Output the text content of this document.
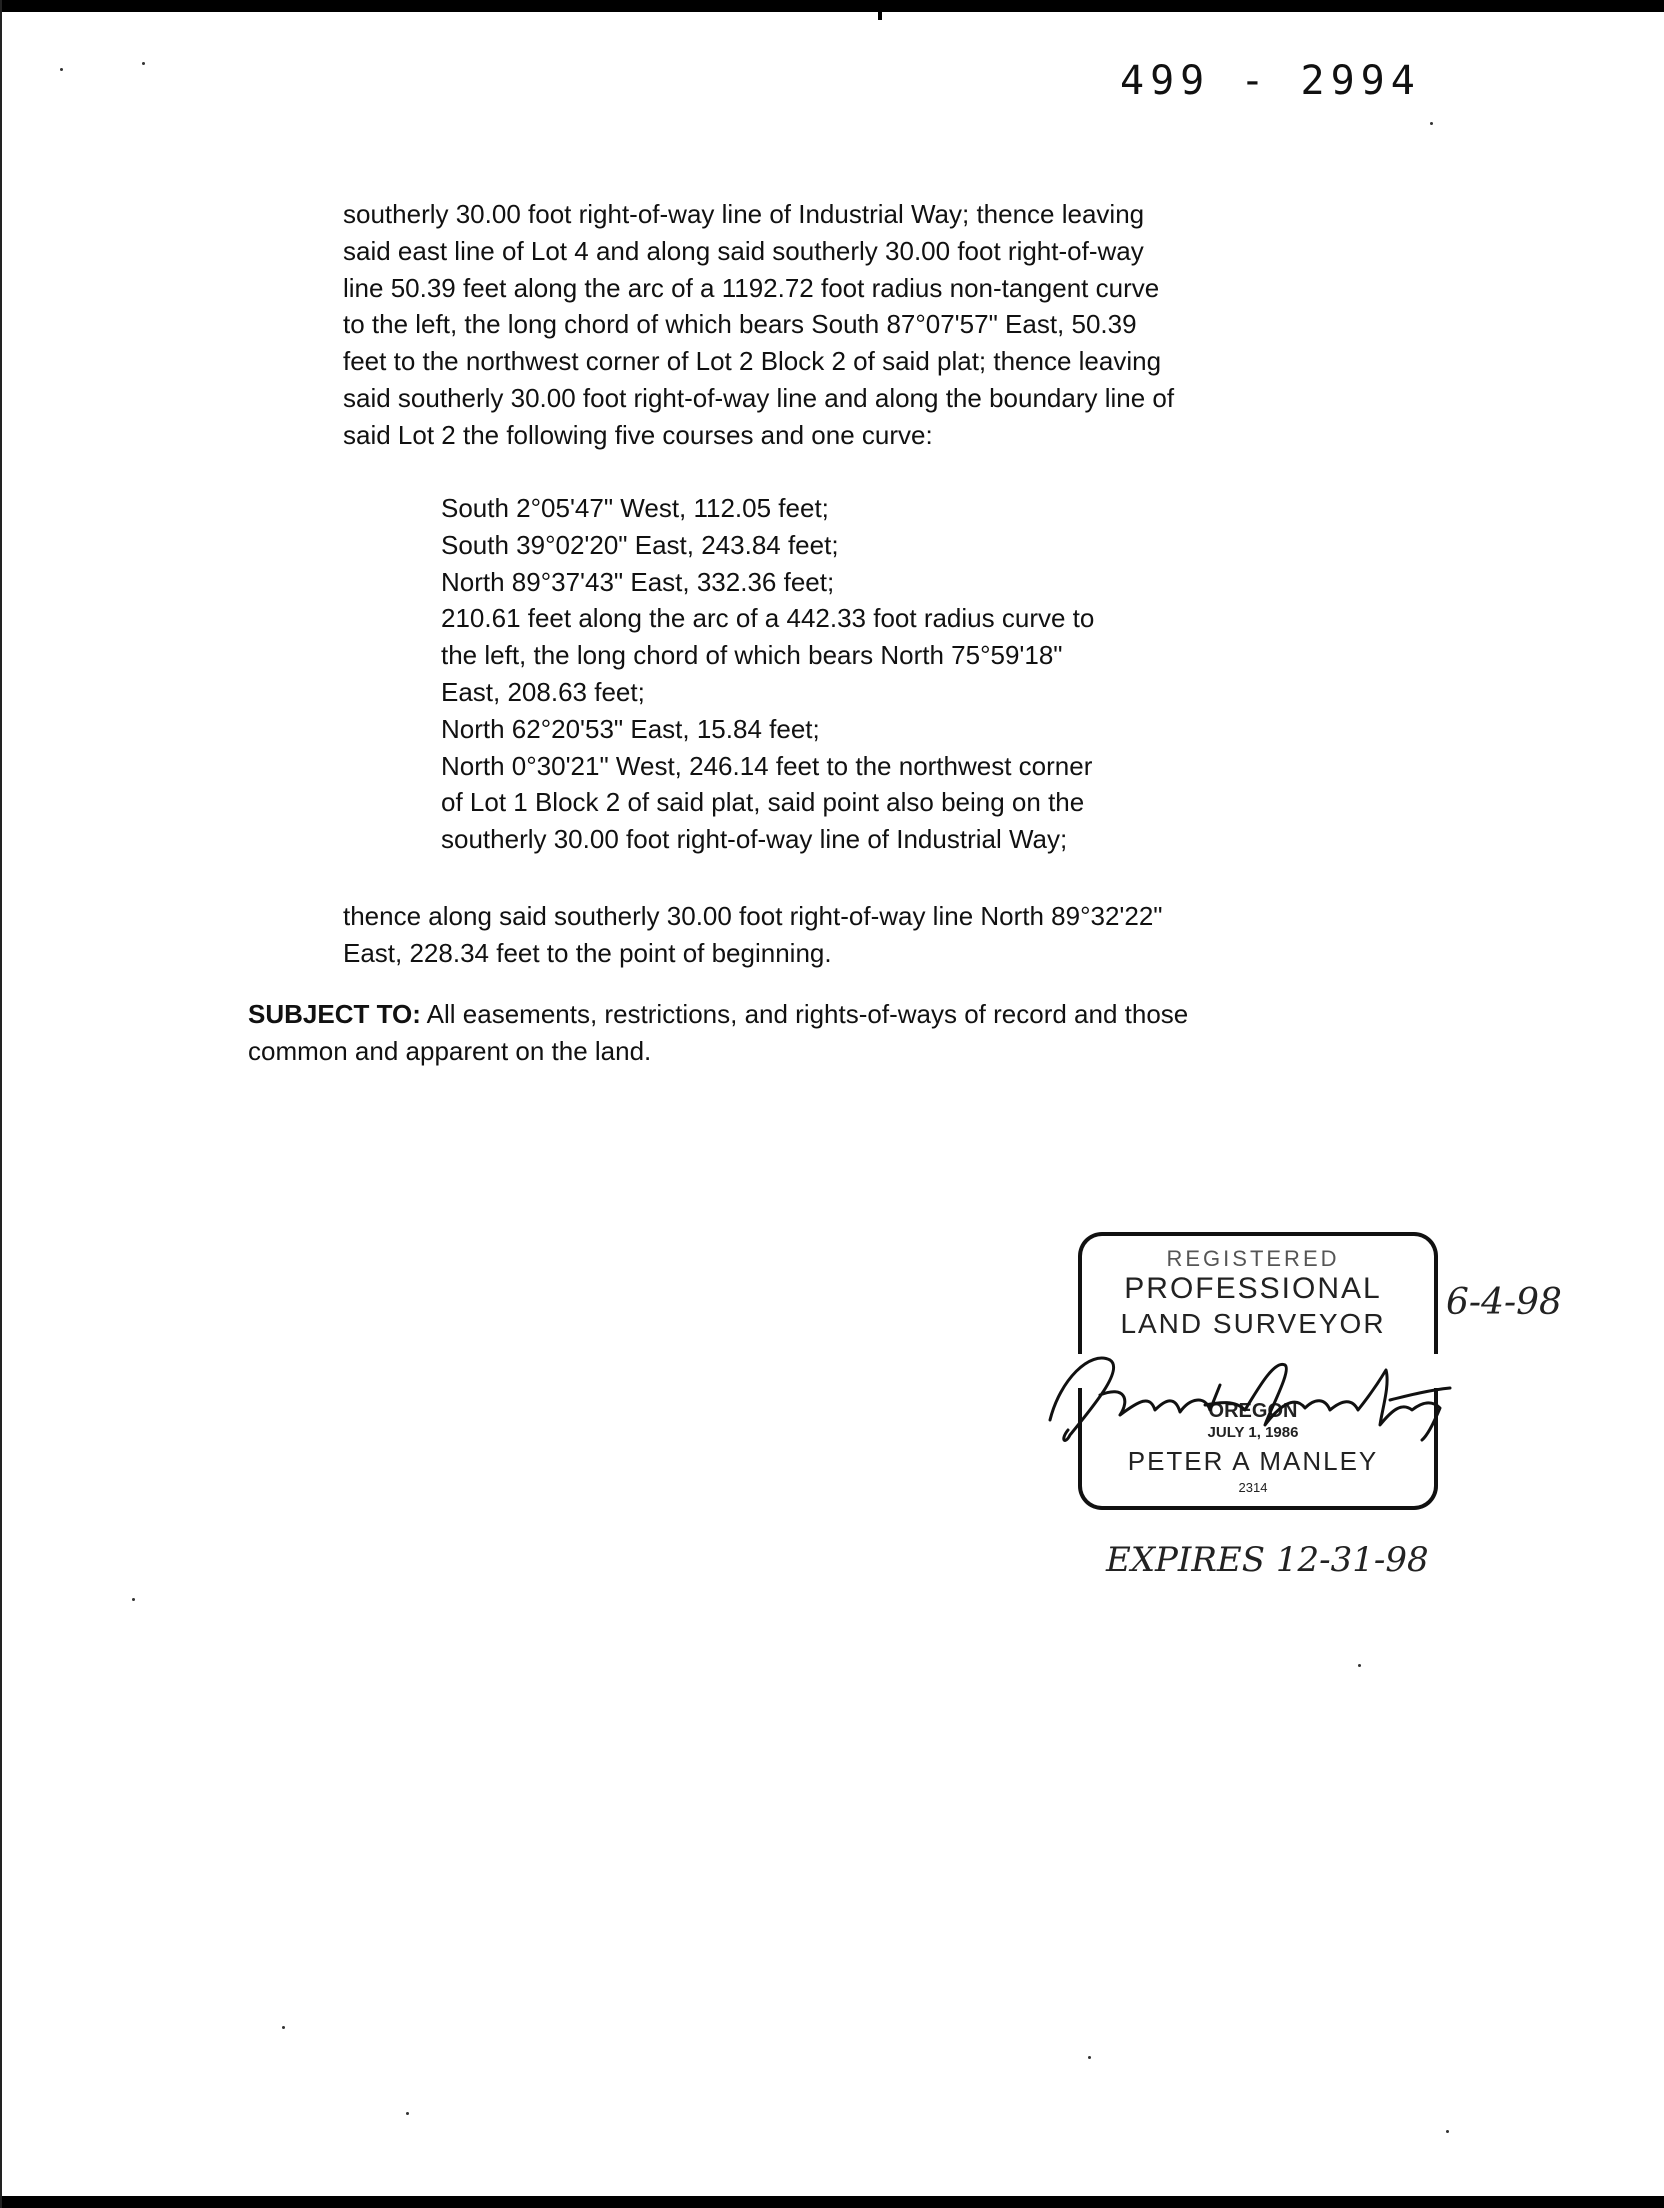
499 - 2994
southerly 30.00 foot right-of-way line of Industrial Way; thence leaving
said east line of Lot 4 and along said southerly 30.00 foot right-of-way
line 50.39 feet along the arc of a 1192.72 foot radius non-tangent curve
to the left, the long chord of which bears South 87°07'57" East, 50.39
feet to the northwest corner of Lot 2 Block 2 of said plat; thence leaving
said southerly 30.00 foot right-of-way line and along the boundary line of
said Lot 2 the following five courses and one curve:
South 2°05'47" West, 112.05 feet;
South 39°02'20" East, 243.84 feet;
North 89°37'43" East, 332.36 feet;
210.61 feet along the arc of a 442.33 foot radius curve to
the left, the long chord of which bears North 75°59'18"
East, 208.63 feet;
North 62°20'53" East, 15.84 feet;
North 0°30'21" West, 246.14 feet to the northwest corner
of Lot 1 Block 2 of said plat, said point also being on the
southerly 30.00 foot right-of-way line of Industrial Way;
thence along said southerly 30.00 foot right-of-way line North 89°32'22"
East, 228.34 feet to the point of beginning.
SUBJECT TO: All easements, restrictions, and rights-of-ways of record and those
common and apparent on the land.
REGISTERED
PROFESSIONAL
LAND SURVEYOR
OREGON
JULY 1, 1986
PETER A MANLEY
2314
6-4-98
EXPIRES 12-31-98
